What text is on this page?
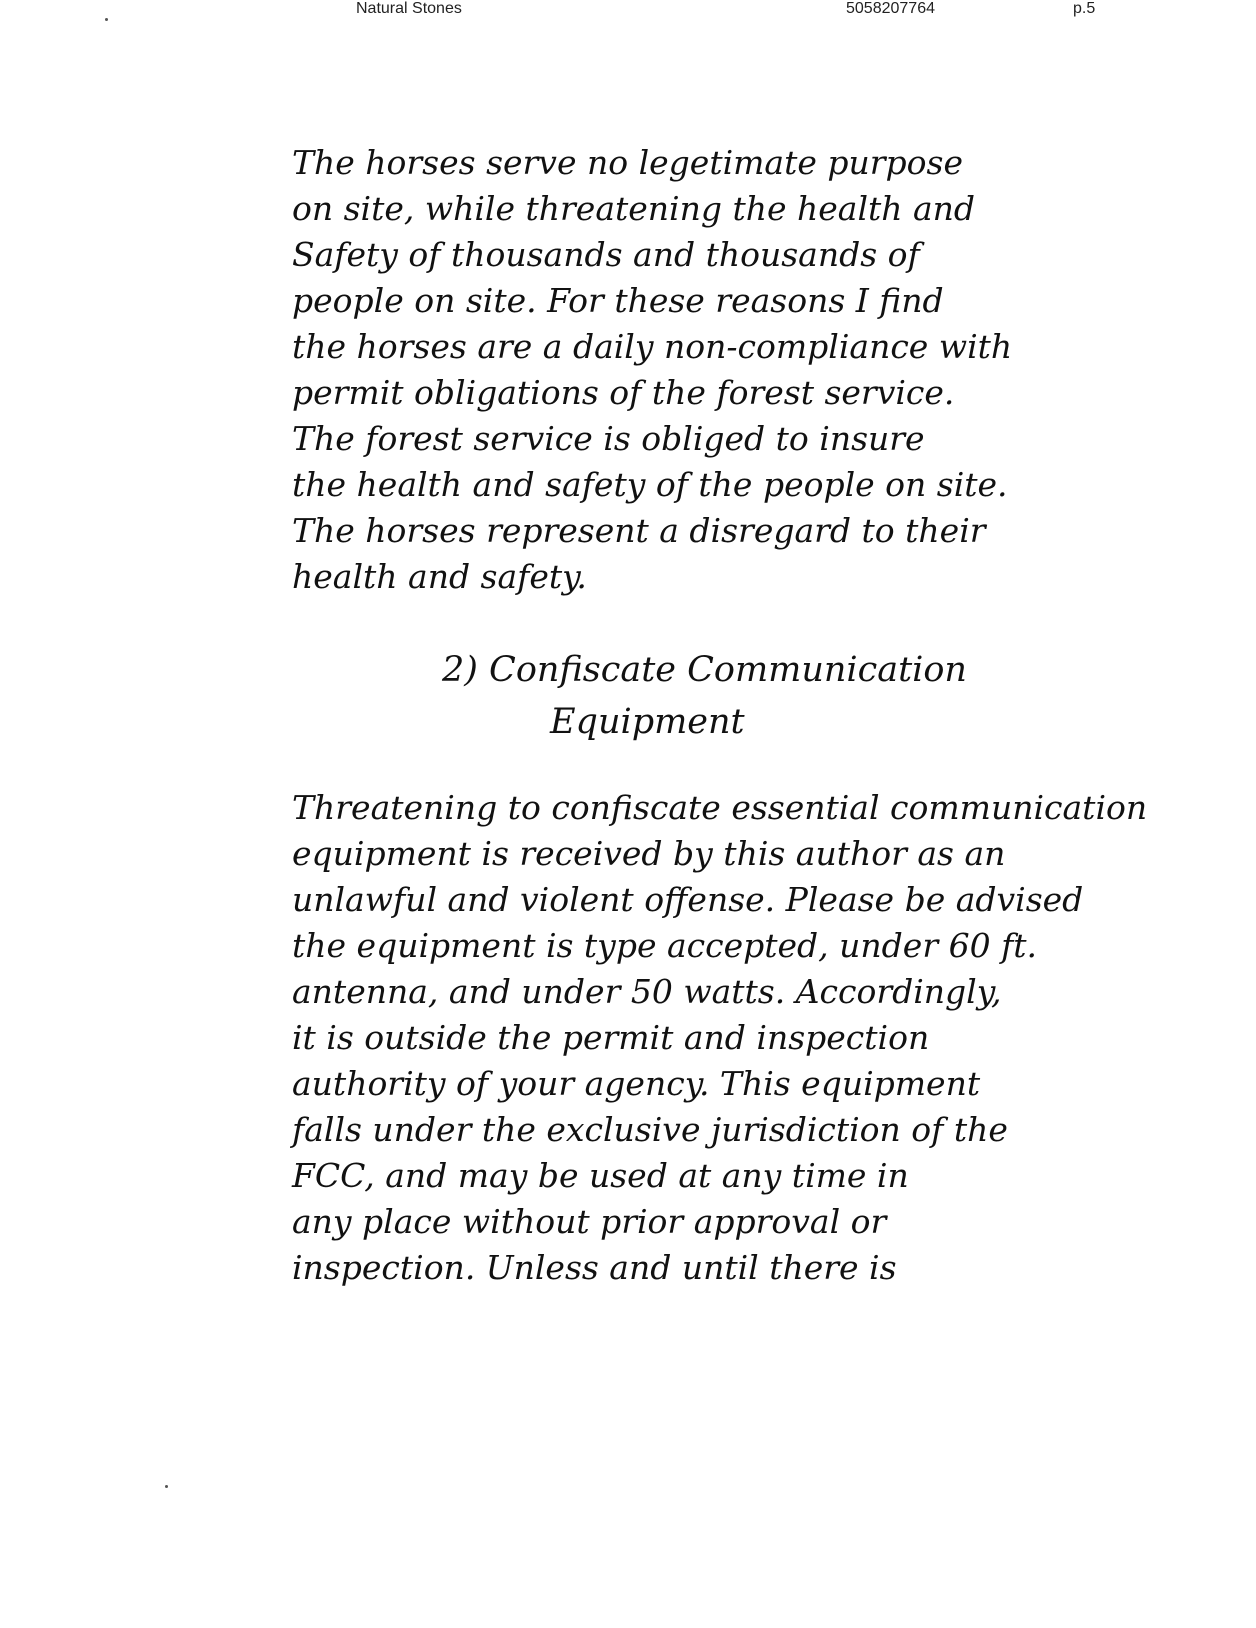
Natural Stones	5058207764	p.5
The horses serve no legetimate purpose
on site, while threatening the health and
Safety of thousands and thousands of
people on site. For these reasons I find
the horses are a daily non-compliance with
permit obligations of the forest service.
The forest service is obliged to insure
the health and safety of the people on site.
The horses represent a disregard to their
health and safety.
2) Confiscate Communication
Equipment
Threatening to confiscate essential communication
equipment is received by this author as an
unlawful and violent offense. Please be advised
the equipment is type accepted, under 60 ft.
antenna, and under 50 watts. Accordingly,
it is outside the permit and inspection
authority of your agency. This equipment
falls under the exclusive jurisdiction of the
FCC, and may be used at any time in
any place without prior approval or
inspection. Unless and until there is
